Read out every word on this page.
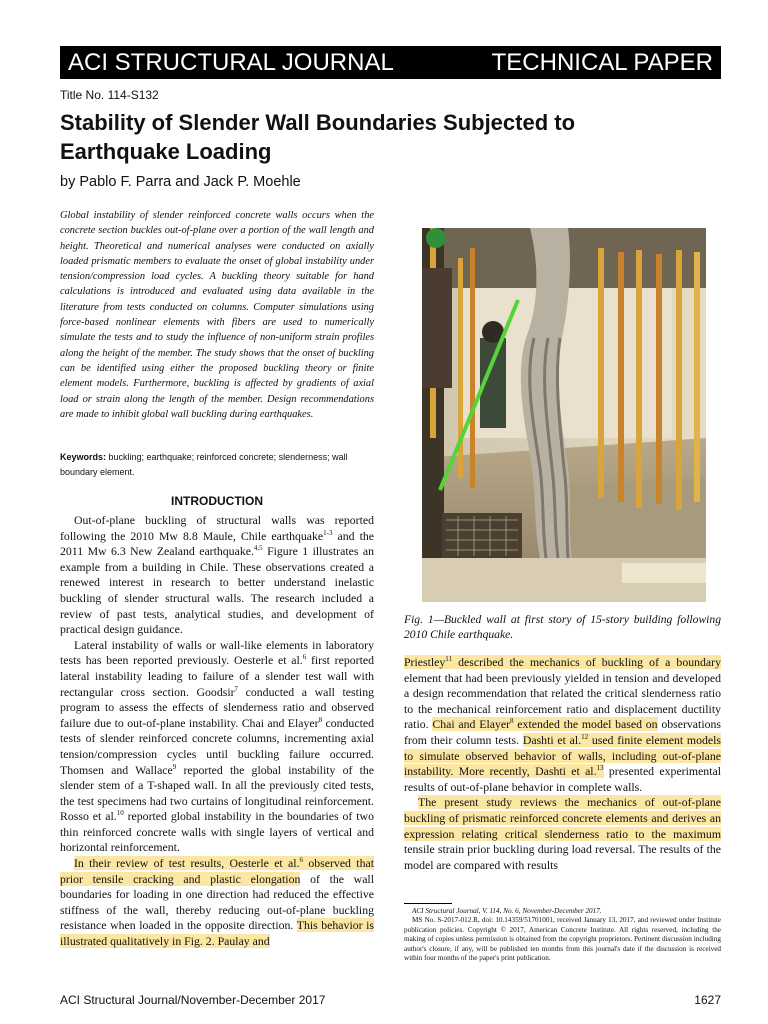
ACI STRUCTURAL JOURNAL	TECHNICAL PAPER
Title No. 114-S132
Stability of Slender Wall Boundaries Subjected to Earthquake Loading
by Pablo F. Parra and Jack P. Moehle

Global instability of slender reinforced concrete walls occurs when the concrete section buckles out-of-plane over a portion of the wall length and height. Theoretical and numerical analyses were conducted on axially loaded prismatic members to evaluate the onset of global instability under tension/compression load cycles. A buckling theory suitable for hand calculations is introduced and evaluated using data available in the literature from tests conducted on columns. Computer simulations using force-based nonlinear elements with fibers are used to numerically simulate the tests and to study the influence of non-uniform strain profiles along the height of the member. The study shows that the onset of buckling can be identified using either the proposed buckling theory or finite element models. Furthermore, buckling is affected by gradients of axial load or strain along the length of the member. Design recommendations are made to inhibit global wall buckling during earthquakes.

Keywords: buckling; earthquake; reinforced concrete; slenderness; wall boundary element.

INTRODUCTION

Out-of-plane buckling of structural walls was reported following the 2010 Mw 8.8 Maule, Chile earthquake$^{1-3}$ and the 2011 Mw 6.3 New Zealand earthquake.$^{4,5}$ Figure 1 illustrates an example from a building in Chile. These observations created a renewed interest in research to better understand inelastic buckling of slender structural walls. The research included a review of past tests, analytical studies, and development of practical design guidance.

Lateral instability of walls or wall-like elements in laboratory tests has been reported previously. Oesterle et al.$^6$ first reported lateral instability leading to failure of a slender test wall with rectangular cross section. Goodsir$^7$ conducted a wall testing program to assess the effects of slenderness ratio and observed failure due to out-of-plane instability. Chai and Elayer$^8$ conducted tests of slender reinforced concrete columns, incrementing axial tension/compression cycles until buckling failure occurred. Thomsen and Wallace$^9$ reported the global instability of the slender stem of a T-shaped wall. In all the previously cited tests, the test specimens had two curtains of longitudinal reinforcement. Rosso et al.$^{10}$ reported global instability in the boundaries of two thin reinforced concrete walls with single layers of vertical and horizontal reinforcement.

In their review of test results, Oesterle et al.$^6$ observed that prior tensile cracking and plastic elongation of the wall boundaries for loading in one direction had reduced the effective stiffness of the wall, thereby reducing out-of-plane buckling resistance when loaded in the opposite direction. This behavior is illustrated qualitatively in Fig. 2. Paulay and

Fig. 1—Buckled wall at first story of 15-story building following 2010 Chile earthquake.

Priestley$^{11}$ described the mechanics of buckling of a boundary element that had been previously yielded in tension and developed a design recommendation that related the critical slenderness ratio to the mechanical reinforcement ratio and displacement ductility ratio. Chai and Elayer$^8$ extended the model based on observations from their column tests. Dashti et al.$^{12}$ used finite element models to simulate observed behavior of walls, including out-of-plane instability. More recently, Dashti et al.$^{13}$ presented experimental results of out-of-plane behavior in complete walls.

The present study reviews the mechanics of out-of-plane buckling of prismatic reinforced concrete elements and derives an expression relating critical slenderness ratio to the maximum tensile strain prior buckling during load reversal. The results of the model are compared with results

ACI Structural Journal, V. 114, No. 6, November-December 2017.

MS No. S-2017-012.R, doi: 10.14359/51701001, received January 13, 2017, and reviewed under Institute publication policies. Copyright © 2017, American Concrete Institute. All rights reserved, including the making of copies unless permission is obtained from the copyright proprietors. Pertinent discussion including author's closure, if any, will be published ten months from this journal's date if the discussion is received within four months of the paper's print publication.

ACI Structural Journal/November-December 2017	1627
